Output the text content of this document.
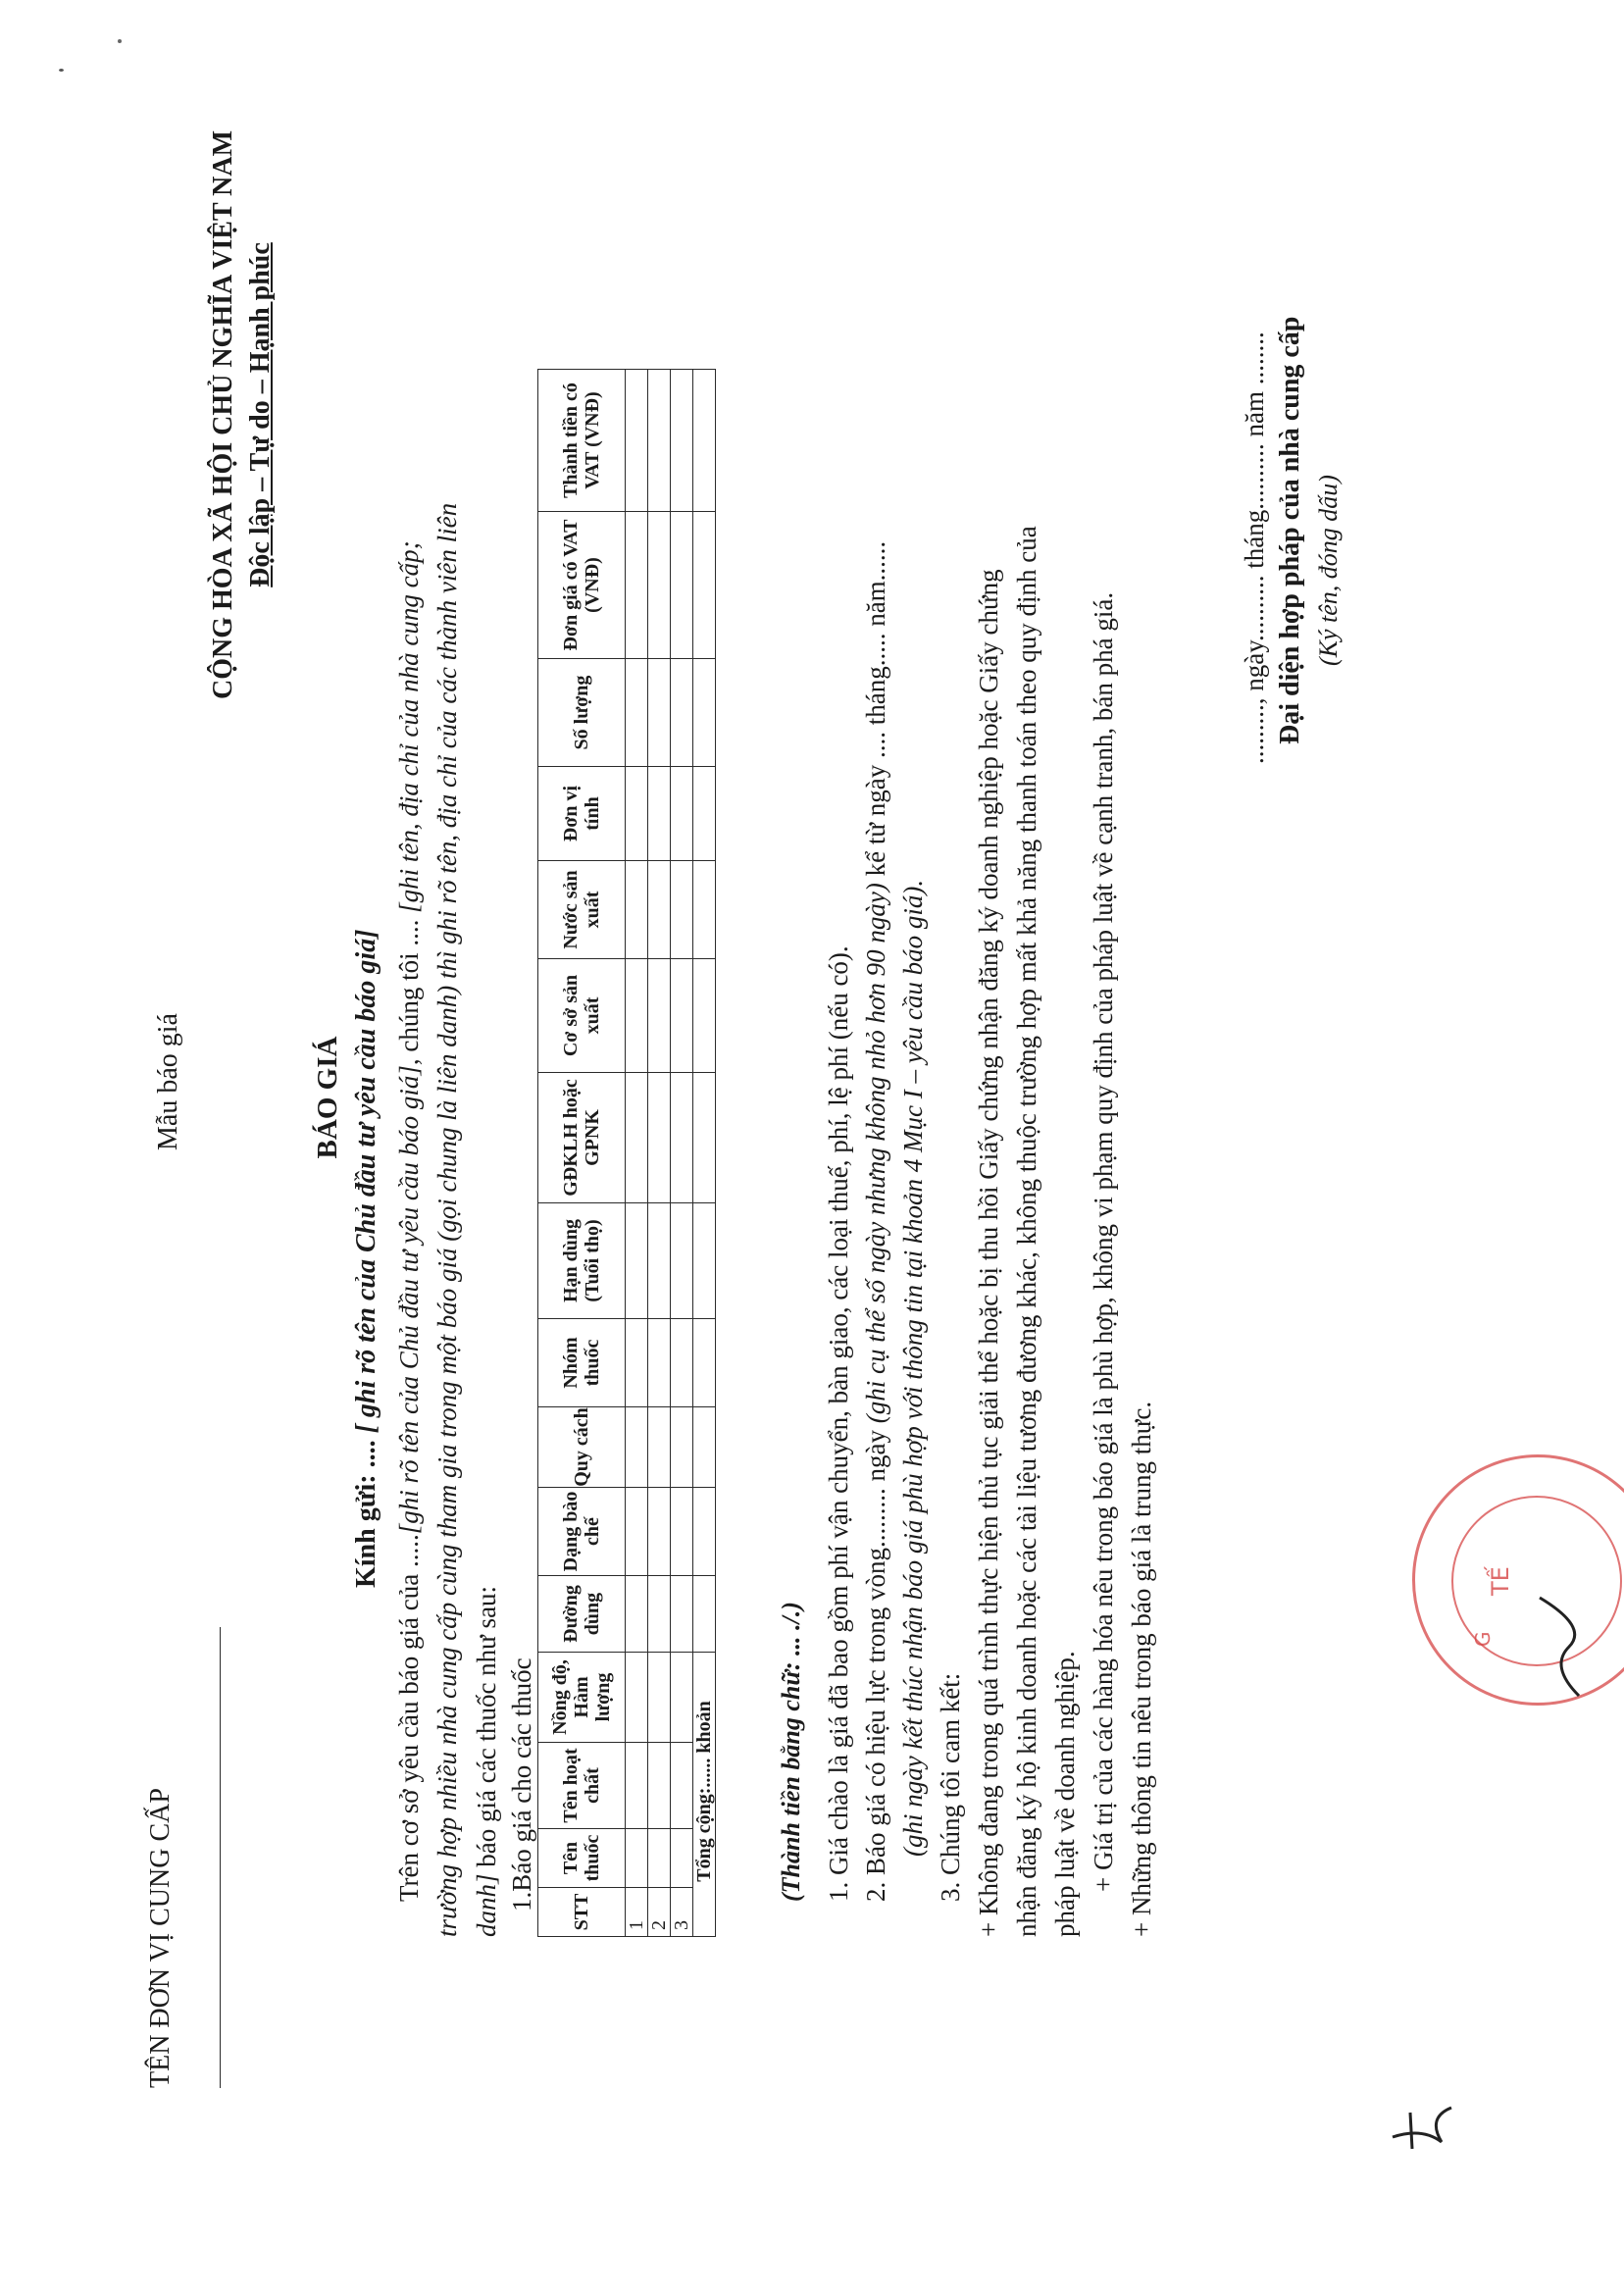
TÊN ĐƠN VỊ CUNG CẤP
Mẫu báo giá
CỘNG HÒA XÃ HỘI CHỦ NGHĨA VIỆT NAM Độc lập – Tự do – Hạnh phúc
BÁO GIÁ
Kính gửi: .... [ ghi rõ tên của Chủ đầu tư yêu cầu báo giá]
Trên cơ sở yêu cầu báo giá của .....[ghi rõ tên của Chủ đầu tư yêu cầu báo giá], chúng tôi .... [ghi tên, địa chỉ của nhà cung cấp; trường hợp nhiều nhà cung cấp cùng tham gia trong một báo giá (gọi chung là liên danh) thì ghi rõ tên, địa chỉ của các thành viên liên danh] báo giá các thuốc như sau: 1.Báo giá cho các thuốc
STT	Tên thuốc	Tên hoạt chất	Nồng độ, Hàm lượng	Đường dùng	Dạng bào chế	Quy cách	Nhóm thuốc	Hạn dùng (Tuổi thọ)	GĐKLH hoặc GPNK	Cơ sở sản xuất	Nước sản xuất	Đơn vị tính	Số lượng	Đơn giá có VAT (VNĐ)	Thành tiền có VAT (VNĐ)
1															
2															
3															
Tổng cộng:...... khoản															(Thành tiền bằng chữ: ... ./.) 1. Giá chào là giá đã bao gồm phí vận chuyển, bàn giao, các loại thuế, phí, lệ phí (nếu có). 2. Báo giá có hiệu lực trong vòng......... ngày (ghi cụ thể số ngày nhưng không nhỏ hơn 90 ngày) kể từ ngày .... tháng..... năm......
(ghi ngày kết thúc nhận báo giá phù hợp với thông tin tại khoản 4 Mục I – yêu cầu báo giá). 3. Chúng tôi cam kết: + Không đang trong quá trình thực hiện thủ tục giải thể hoặc bị thu hồi Giấy chứng nhận đăng ký doanh nghiệp hoặc Giấy chứng nhận đăng ký hộ kinh doanh hoặc các tài liệu tương đương khác, không thuộc trường hợp mất khả năng thanh toán theo quy định của pháp luật về doanh nghiệp. + Giá trị của các hàng hóa nêu trong báo giá là phù hợp, không vi phạm quy định của pháp luật về cạnh tranh, bán phá giá. + Những thông tin nêu trong báo giá là trung thực.
........., ngày.......... tháng.......... năm ........ Đại diện hợp pháp của nhà cung cấp (Ký tên, đóng dấu)
TẾ
G
